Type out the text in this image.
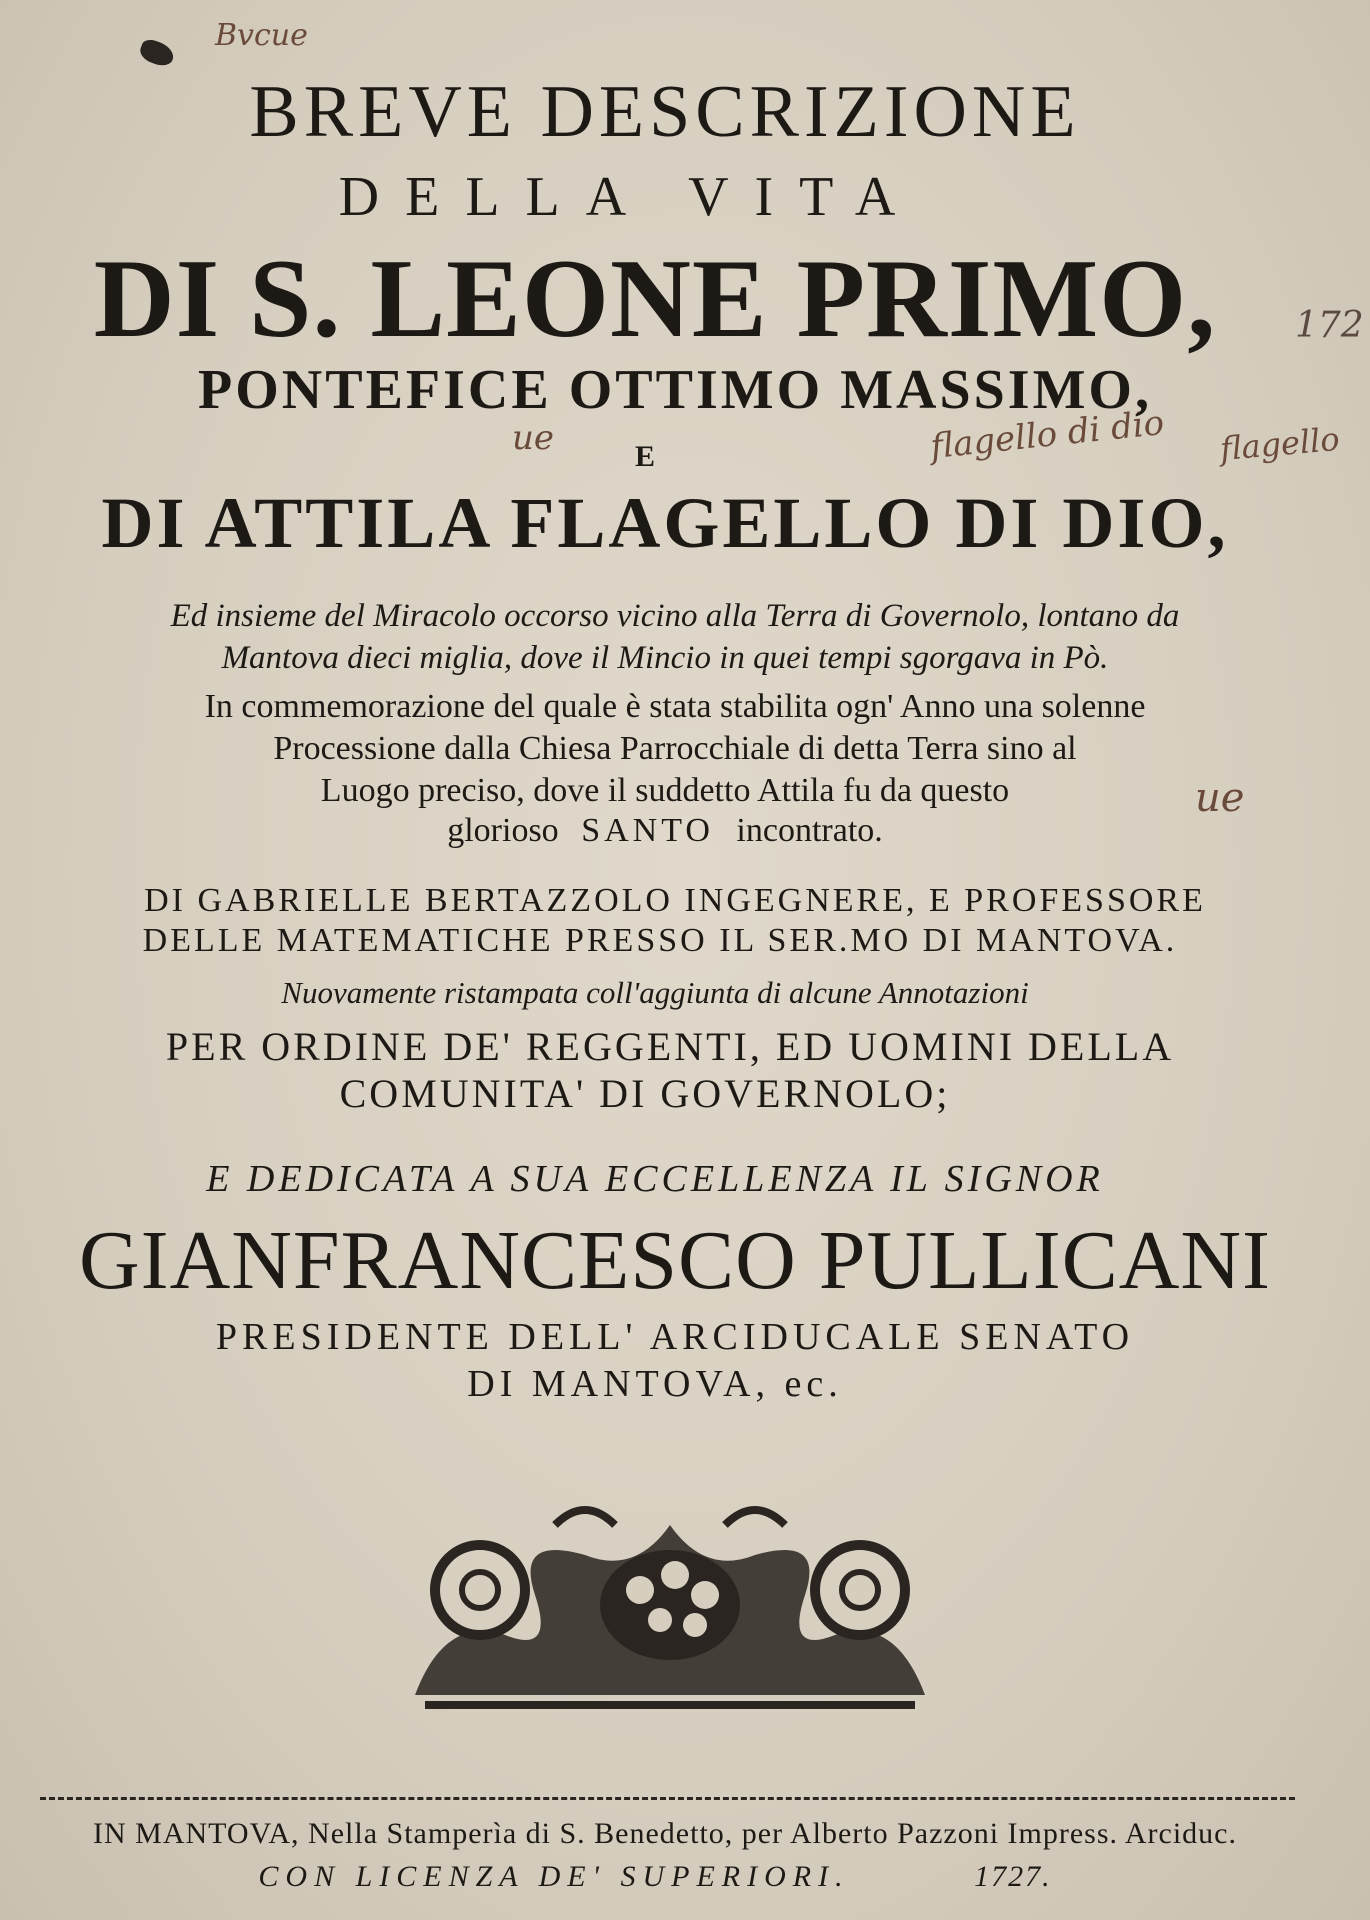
Bvcue
172
ue	flagello di dio flagello
ue
BREVE DESCRIZIONE
DELLA VITA
DI S. LEONE PRIMO,
PONTEFICE OTTIMO MASSIMO,
E
DI ATTILA FLAGELLO DI DIO,
Ed insieme del Miracolo occorso vicino alla Terra di Governolo, lontano da
Mantova dieci miglia, dove il Mincio in quei tempi sgorgava in Pò.
In commemorazione del quale è stata stabilita ogn' Anno una solenne
Processione dalla Chiesa Parrocchiale di detta Terra sino al
Luogo preciso, dove il suddetto Attila fu da questo
glorioso SANTO incontrato.
DI GABRIELLE BERTAZZOLO INGEGNERE, E PROFESSORE
DELLE MATEMATICHE PRESSO IL SER.MO DI MANTOVA.
Nuovamente ristampata coll'aggiunta di alcune Annotazioni
PER ORDINE DE' REGGENTI, ED UOMINI DELLA
COMUNITA' DI GOVERNOLO;
E DEDICATA A SUA ECCELLENZA IL SIGNOR
GIANFRANCESCO PULLICANI
PRESIDENTE DELL' ARCIDUCALE SENATO
DI MANTOVA, ec.
IN MANTOVA, Nella Stamperìa di S. Benedetto, per Alberto Pazzoni Impress. Arciduc.
CON LICENZA DE' SUPERIORI.	1727.
